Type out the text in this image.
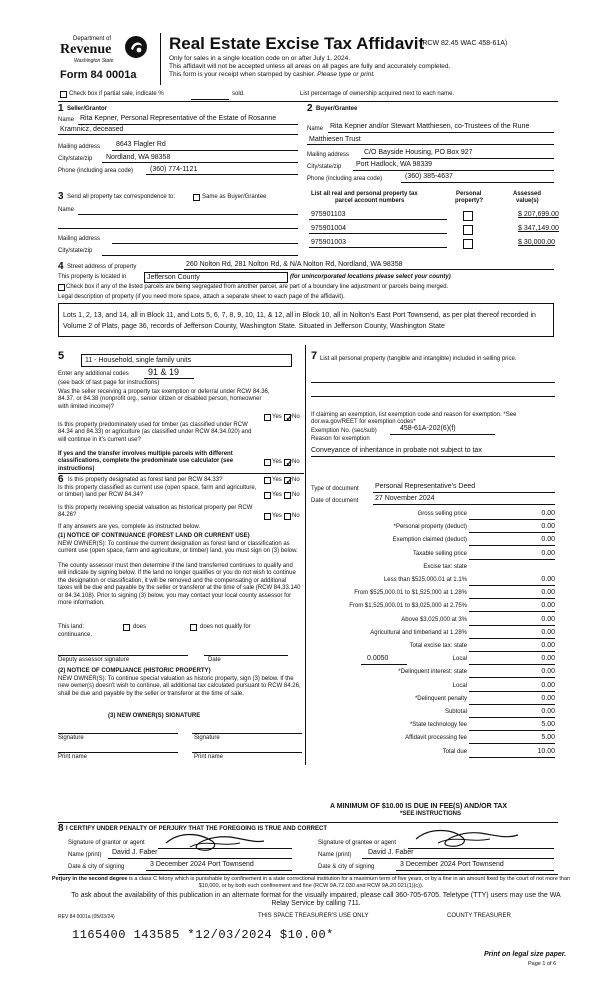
Department of
Revenue
Washington State
Form 84 0001a
Real Estate Excise Tax Affidavit
(RCW 82.45 WAC 458-61A)
Only for sales in a single location code on or after July 1, 2024.
This affidavit will not be accepted unless all areas on all pages are fully and accurately completed.
This form is your receipt when stamped by cashier. Please type or print.
Check box if partial sale, indicate %	sold.	List percentage of ownership acquired next to each name.
1 Seller/Grantor
Name Rita Kepner, Personal Representative of the Estate of Rosanne
Kramnicz, deceased
Mailing address 8643 Flagler Rd
City/state/zip Nordland, WA 98358
Phone (including area code) (360) 774-1121
2 Buyer/Grantee
Name Rita Kepner and/or Stewart Matthiesen, co-Trustees of the Rune
Matthiesen Trust
Mailing address C/O Bayside Housing, PO Box 927
City/state/zip Port Hadlock, WA 98339
Phone (including area code)	(360) 385-4637
3 Send all property tax correspondence to:	Same as Buyer/Grantee
Name
Mailing address
City/state/zip
List all real and personal property tax
parcel account numbers
Personal
property?
Assessed
value(s)
975901103	$ 207,699.00
975901004	$ 347,149.00
975901003	$ 30,000.00
4 Street address of property	260 Nolton Rd, 281 Nolton Rd, & N/A Nolton Rd, Nordland, WA 98358
This property is located in	Jefferson County	(for unincorporated locations please select your county)
Check box if any of the listed parcels are being segregated from another parcel, are part of a boundary line adjustment or parcels being merged.
Legal description of property (if you need more space, attach a separate sheet to each page of the affidavit).
Lots 1, 2, 13, and 14, all in Block 11, and Lots 5, 6, 7, 8, 9, 10, 11, & 12, all in Block 10, all in Nolton's East Port Townsend, as per plat thereof recorded in Volume 2 of Plats, page 36, records of Jefferson County, Washington State. Situated in Jefferson County, Washington State
5	11 - Household, single family units
Enter any additional codes 91 & 19
(see back of last page for instructions)
Was the seller receiving a property tax exemption or deferral under RCW 84.36, 84.37, or 84.38 (nonprofit org., senior citizen or disabled person, homeowner with limited income)?
Yes ✓
No
Is this property predominately used for timber (as classified under RCW 84.34 and 84.33) or agriculture (as classified under RCW 84.34.020) and will continue in it's current use?
If yes and the transfer involves multiple parcels with different classifications, complete the predominate use calculator (see instructions)
Yes ✓
No
6 Is this property designated as forest land per RCW 84.33?	Yes ✓
No
Is this property classified as current use (open space, farm and agriculture, or timber) land per RCW 84.34?	Yes No
Is this property receiving special valuation as historical property per RCW 84.26?	Yes No
If any answers are yes, complete as instructed below.
(1) NOTICE OF CONTINUANCE (FOREST LAND OR CURRENT USE)
NEW OWNER(S): To continue the current designation as forest land or classification as current use (open space, farm and agriculture, or timber) land, you must sign on (3) below.
The county assessor must then determine if the land transferred continues to qualify and will indicate by signing below. If the land no longer qualifies or you do not wish to continue the designation or classification, it will be removed and the compensating or additional taxes will be due and payable by the seller or transferor at the time of sale (RCW 84.33.140 or 84.34.108). Prior to signing (3) below, you may contact your local county assessor for more information.
This land:	does	does not qualify for
continuance.
Deputy assessor signature	Date
(2) NOTICE OF COMPLIANCE (HISTORIC PROPERTY)
NEW OWNER(S): To continue special valuation as historic property, sign (3) below. If the new owner(s) doesn't wish to continue, all additional tax calculated pursuant to RCW 84.26, shall be due and payable by the seller or transferor at the time of sale.
(3) NEW OWNER(S) SIGNATURE
Signature	Signature
Print name	Print name
7 List all personal property (tangible and intangible) included in selling price.
If claiming an exemption, list exemption code and reason for exemption. *See dor.wa.gov/REET for exemption codes*
Exemption No. (sec/sub)	458-61A-202(6)(f)
Reason for exemption
Conveyance of inheritance in probate not subject to tax
Type of document Personal Representative's Deed
Date of document 27 November 2024
Gross selling price	0.00
*Personal property (deduct)	0.00
Exemption claimed (deduct)	0.00
Taxable selling price	0.00
Excise tax: state
Less than $525,000.01 at 1.1%	0.00
From $525,000.01 to $1,525,000 at 1.28%	0.00
From $1,525,000.01 to $3,025,000 at 2.75%	0.00
Above $3,025,000 at 3%	0.00
Agricultural and timberland at 1.28%	0.00
Total excise tax: state	0.00
Local
0.0050	0.00
*Delinquent interest: state	0.00
Local	0.00
*Delinquent penalty	0.00
Subtotal	0.00
*State technology fee	5.00
Affidavit processing fee	5.00
Total due	10.00
A MINIMUM OF $10.00 IS DUE IN FEE(S) AND/OR TAX
*SEE INSTRUCTIONS
8 I CERTIFY UNDER PENALTY OF PERJURY THAT THE FOREGOING IS TRUE AND CORRECT
Signature of grantor or agent
Name (print) David J. Faber
Date & city of signing	3 December 2024 Port Townsend
Signature of grantee or agent
Name (print) David J. Faber
Date & city of signing	3 December 2024 Port Townsend
Perjury in the second degree is a class C felony which is punishable by confinement in a state correctional institution for a maximum term of five years, or by a fine in an amount fixed by the court of not more than $10,000, or by both such confinement and fine (RCW 9A.72.030 and RCW 9A.20.021(1)(c)).
To ask about the availability of this publication in an alternate format for the visually impaired, please call 360-705-6705. Teletype (TTY) users may use the WA Relay Service by calling 711.
REV 84 0001a (05/03/24)	THIS SPACE TREASURER'S USE ONLY	COUNTY TREASURER
1165400 143585 *12/03/2024 $10.00*
Print on legal size paper.
Page 1 of 6
